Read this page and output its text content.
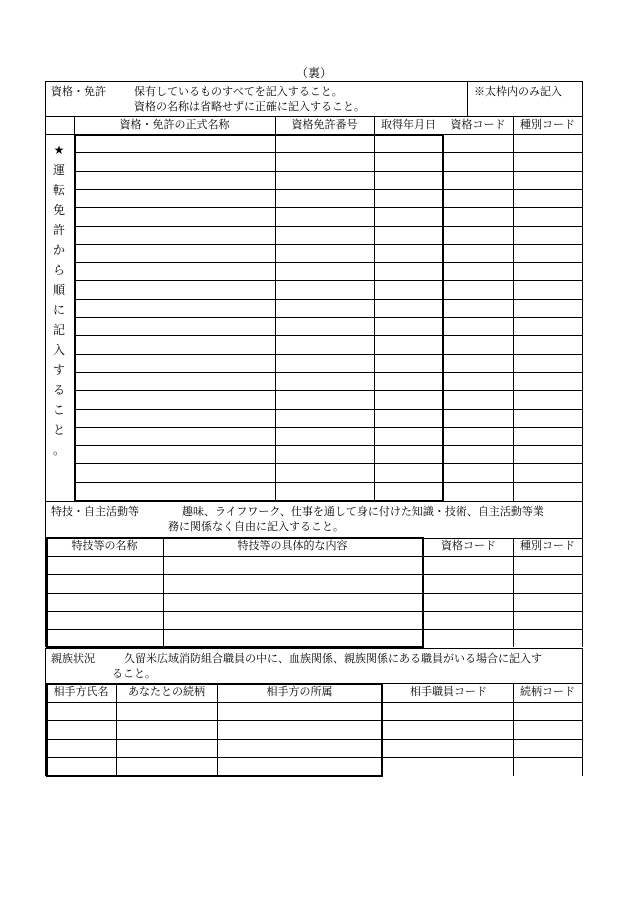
（裏）
資格・免許	保有しているものすべてを記入すること。
資格の名称は省略せずに正確に記入すること。
※太枠内のみ記入
資格・免許の正式名称	資格免許番号	取得年月日	資格コード	種別コード
★
運
転
免
許
か
ら
順
に
記
入
す
る
こ
と
。
特技・自主活動等	趣味、ライフワーク、仕事を通して身に付けた知識・技術、自主活動等業
務に関係なく自由に記入すること。
特技等の名称	特技等の具体的な内容	資格コード	種別コード
親族状況	久留米広域消防組合職員の中に、血族関係、親族関係にある職員がいる場合に記入す
ること。
相手方氏名	あなたとの続柄	相手方の所属	相手職員コード	続柄コード
